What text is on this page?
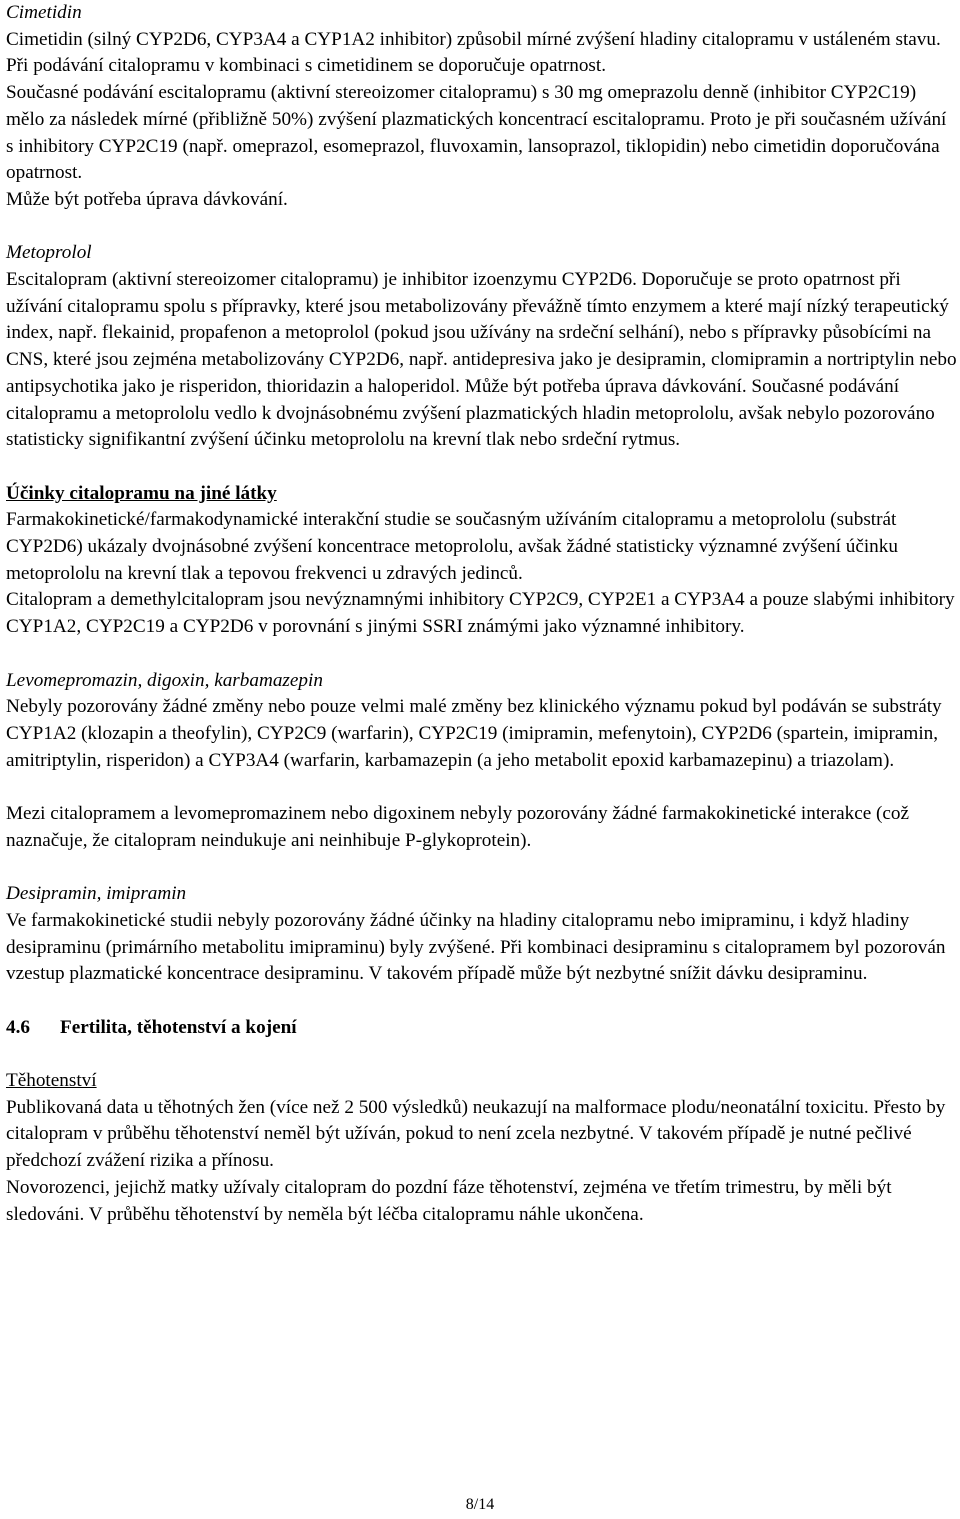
Cimetidin

Cimetidin (silný CYP2D6, CYP3A4 a CYP1A2 inhibitor) způsobil mírné zvýšení hladiny citalopramu v ustáleném stavu. Při podávání citalopramu v kombinaci s cimetidinem se doporučuje opatrnost.

Současné podávání escitalopramu (aktivní stereoizomer citalopramu) s 30 mg omeprazolu denně (inhibitor CYP2C19) mělo za následek mírné (přibližně 50%) zvýšení plazmatických koncentrací escitalopramu. Proto je při současném užívání s inhibitory CYP2C19 (např. omeprazol, esomeprazol, fluvoxamin, lansoprazol, tiklopidin) nebo cimetidin doporučována opatrnost.

Může být potřeba úprava dávkování.

Metoprolol

Escitalopram (aktivní stereoizomer citalopramu) je inhibitor izoenzymu CYP2D6. Doporučuje se proto opatrnost při užívání citalopramu spolu s přípravky, které jsou metabolizovány převážně tímto enzymem a které mají nízký terapeutický index, např. flekainid, propafenon a metoprolol (pokud jsou užívány na srdeční selhání), nebo s přípravky působícími na CNS, které jsou zejména metabolizovány CYP2D6, např. antidepresiva jako je desipramin, clomipramin a nortriptylin nebo antipsychotika jako je risperidon, thioridazin a haloperidol. Může být potřeba úprava dávkování. Současné podávání citalopramu a metoprololu vedlo k dvojnásobnému zvýšení plazmatických hladin metoprololu, avšak nebylo pozorováno statisticky signifikantní zvýšení účinku metoprololu na krevní tlak nebo srdeční rytmus.

Účinky citalopramu na jiné látky

Farmakokinetické/farmakodynamické interakční studie se současným užíváním citalopramu a metoprololu (substrát CYP2D6) ukázaly dvojnásobné zvýšení koncentrace metoprololu, avšak žádné statisticky významné zvýšení účinku metoprololu na krevní tlak a tepovou frekvenci u zdravých jedinců.

Citalopram a demethylcitalopram jsou nevýznamnými inhibitory CYP2C9, CYP2E1 a CYP3A4 a pouze slabými inhibitory CYP1A2, CYP2C19 a CYP2D6 v porovnání s jinými SSRI známými jako významné inhibitory.

Levomepromazin, digoxin, karbamazepin

Nebyly pozorovány žádné změny nebo pouze velmi malé změny bez klinického významu pokud byl podáván se substráty CYP1A2 (klozapin a theofylin), CYP2C9 (warfarin), CYP2C19 (imipramin, mefenytoin), CYP2D6 (spartein, imipramin, amitriptylin, risperidon) a CYP3A4 (warfarin, karbamazepin (a jeho metabolit epoxid karbamazepinu) a triazolam).

Mezi citalopramem a levomepromazinem nebo digoxinem nebyly pozorovány žádné farmakokinetické interakce (což naznačuje, že citalopram neindukuje ani neinhibuje P-glykoprotein).

Desipramin, imipramin

Ve farmakokinetické studii nebyly pozorovány žádné účinky na hladiny citalopramu nebo imipraminu, i když hladiny desipraminu (primárního metabolitu imipraminu) byly zvýšené. Při kombinaci desipraminu s citalopramem byl pozorován vzestup plazmatické koncentrace desipraminu. V takovém případě může být nezbytné snížit dávku desipraminu.

4.6 Fertilita, těhotenství a kojení

Těhotenství

Publikovaná data u těhotných žen (více než 2 500 výsledků) neukazují na malformace plodu/neonatální toxicitu. Přesto by citalopram v průběhu těhotenství neměl být užíván, pokud to není zcela nezbytné. V takovém případě je nutné pečlivé předchozí zvážení rizika a přínosu.

Novorozenci, jejichž matky užívaly citalopram do pozdní fáze těhotenství, zejména ve třetím trimestru, by měli být sledováni. V průběhu těhotenství by neměla být léčba citalopramu náhle ukončena.

8/14
